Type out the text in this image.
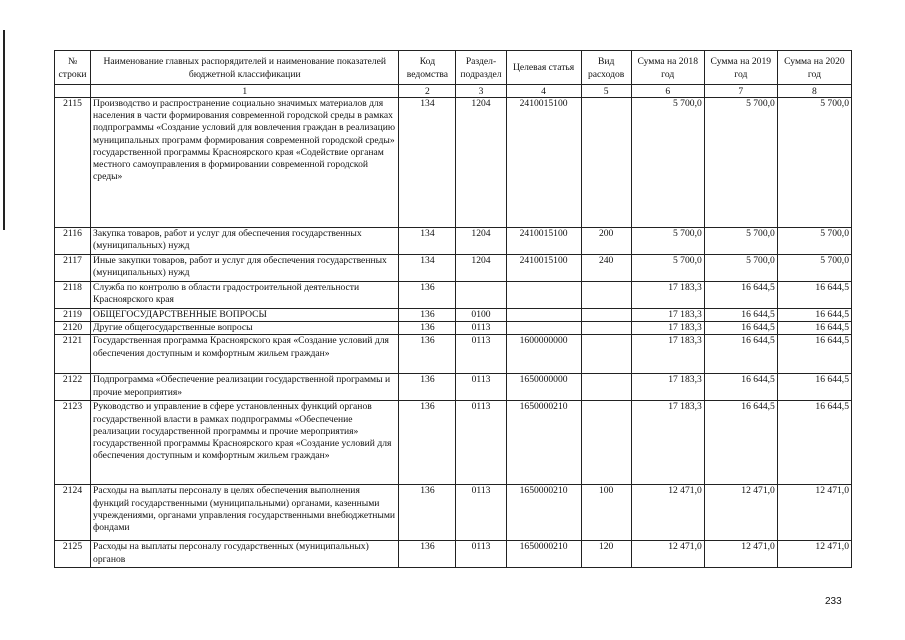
№ строки	Наименование главных распорядителей и наименование показателей бюджетной классификации	Код ведомства	Раздел-подраздел	Целевая статья	Вид расходов	Сумма на 2018 год	Сумма на 2019 год	Сумма на 2020 год
	1	2	3	4	5	6	7	8
2115	Производство и распространение социально значимых материалов для населения в части формирования современной городской среды в рамках подпрограммы «Создание условий для вовлечения граждан в реализацию муниципальных программ формирования современной городской среды» государственной программы Красноярского края «Содействие органам местного самоуправления в формировании современной городской среды»	134	1204	2410015100		5 700,0	5 700,0	5 700,0
2116	Закупка товаров, работ и услуг для обеспечения государственных (муниципальных) нужд	134	1204	2410015100	200	5 700,0	5 700,0	5 700,0
2117	Иные закупки товаров, работ и услуг для обеспечения государственных (муниципальных) нужд	134	1204	2410015100	240	5 700,0	5 700,0	5 700,0
2118	Служба по контролю в области градостроительной деятельности Красноярского края	136				17 183,3	16 644,5	16 644,5
2119	ОБЩЕГОСУДАРСТВЕННЫЕ ВОПРОСЫ	136	0100			17 183,3	16 644,5	16 644,5
2120	Другие общегосударственные вопросы	136	0113			17 183,3	16 644,5	16 644,5
2121	Государственная программа Красноярского края «Создание условий для обеспечения доступным и комфортным жильем граждан»	136	0113	1600000000		17 183,3	16 644,5	16 644,5
2122	Подпрограмма «Обеспечение реализации государственной программы и прочие мероприятия»	136	0113	1650000000		17 183,3	16 644,5	16 644,5
2123	Руководство и управление в сфере установленных функций органов государственной власти в рамках подпрограммы «Обеспечение реализации государственной программы и прочие мероприятия» государственной программы Красноярского края «Создание условий для обеспечения доступным и комфортным жильем граждан»	136	0113	1650000210		17 183,3	16 644,5	16 644,5
2124	Расходы на выплаты персоналу в целях обеспечения выполнения функций государственными (муниципальными) органами, казенными учреждениями, органами управления государственными внебюджетными фондами	136	0113	1650000210	100	12 471,0	12 471,0	12 471,0
2125	Расходы на выплаты персоналу государственных (муниципальных) органов	136	0113	1650000210	120	12 471,0	12 471,0	12 471,0
233
